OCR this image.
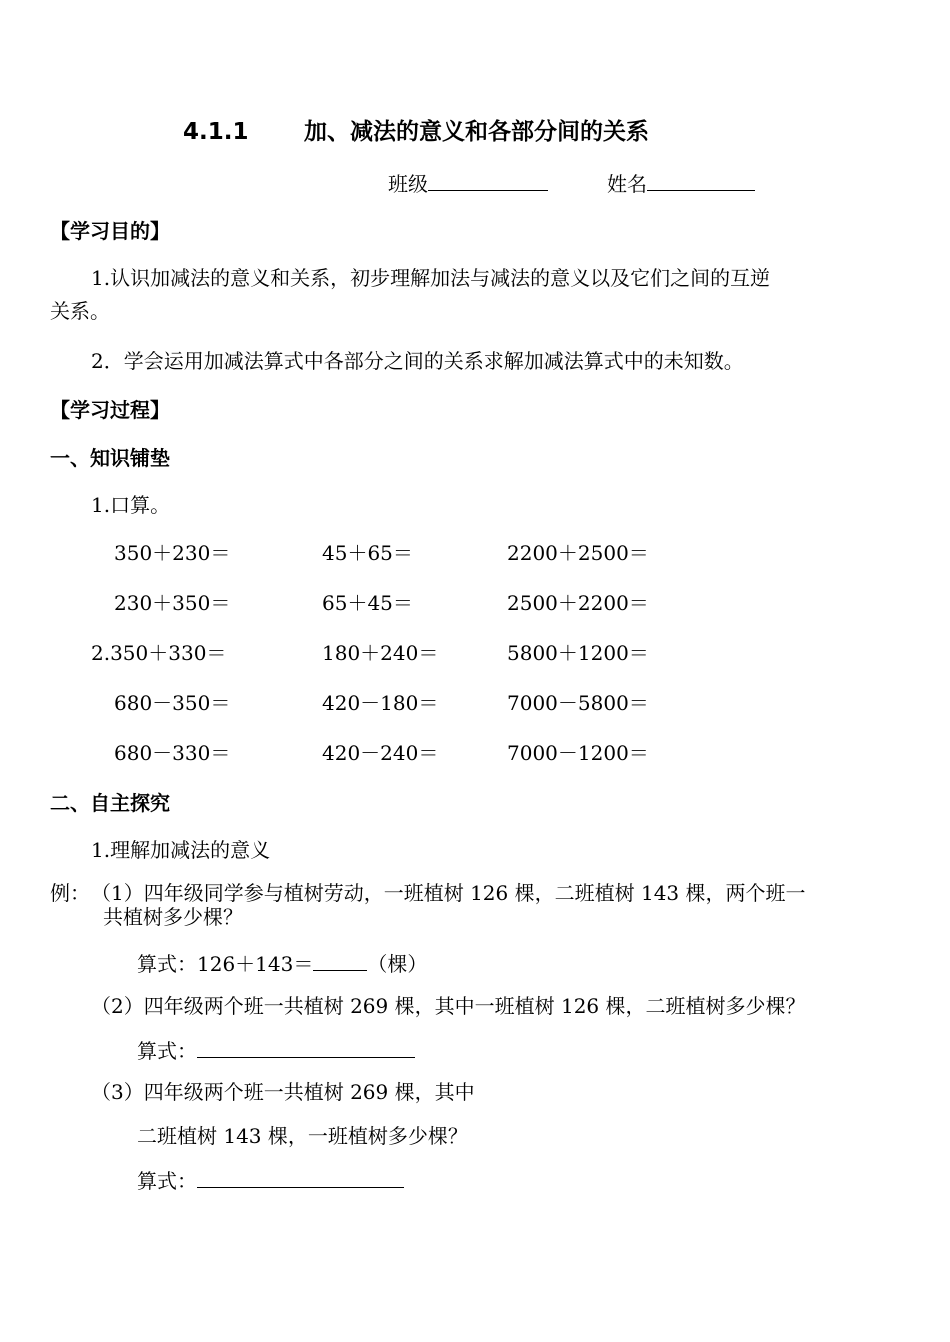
4.1.1 加、减法的意义和各部分间的关系
班级	姓名
【学习目的】
1.认识加减法的意义和关系，初步理解加法与减法的意义以及它们之间的互逆
关系。
2．学会运用加减法算式中各部分之间的关系求解加减法算式中的未知数。
【学习过程】
一、知识铺垫
1.口算。
350＋230＝	45＋65＝	2200＋2500＝
230＋350＝	65＋45＝	2500＋2200＝
2.350＋330＝	180＋240＝	5800＋1200＝
680－350＝	420－180＝	7000－5800＝
680－330＝	420－240＝	7000－1200＝
二、自主探究
1.理解加减法的意义
例： （1）四年级同学参与植树劳动，一班植树 126 棵，二班植树 143 棵，两个班一
共植树多少棵？
算式：126＋143＝	（棵）
（2）四年级两个班一共植树 269 棵，其中一班植树 126 棵，二班植树多少棵？
算式：
（3）四年级两个班一共植树 269 棵，其中
二班植树 143 棵，一班植树多少棵？
算式：
